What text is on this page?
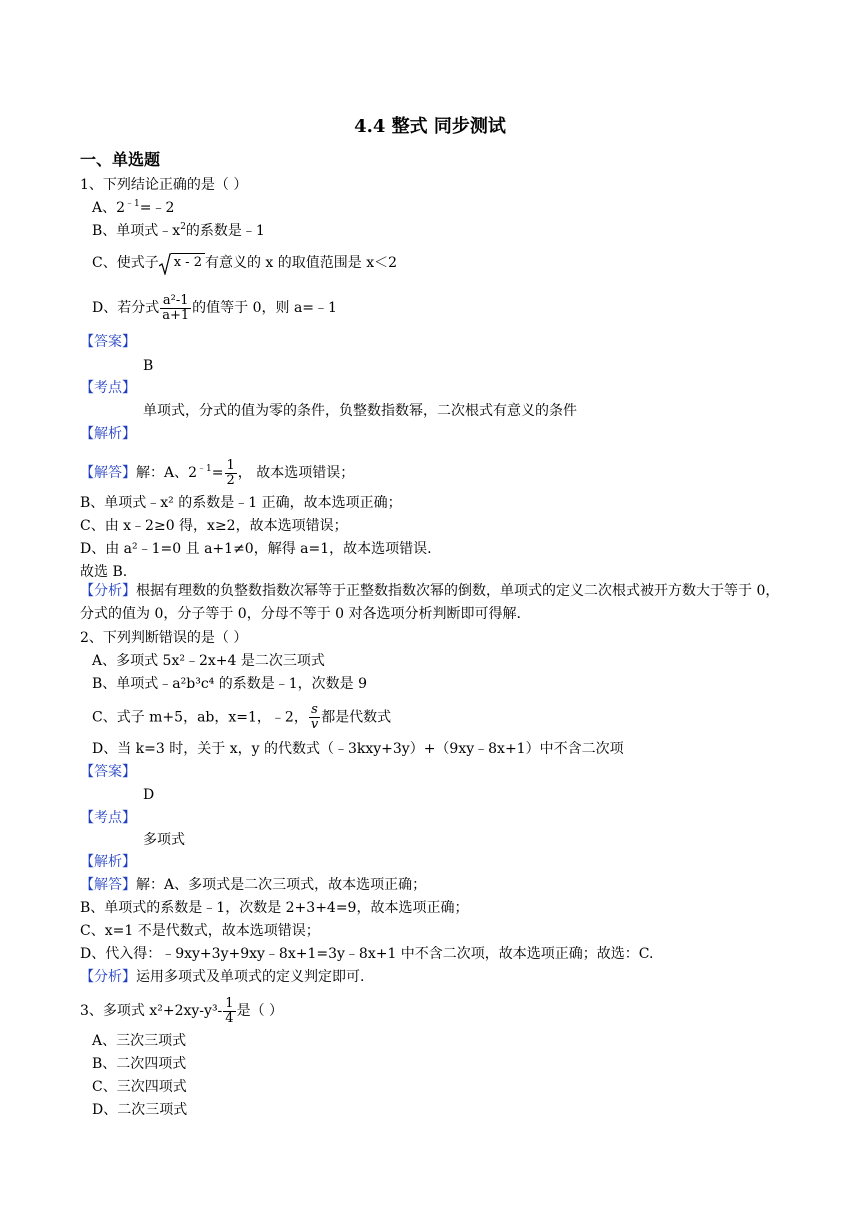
4.4 整式 同步测试
一、单选题
1、下列结论正确的是（ ）
A、$2^{﹣1}=﹣2$
B、单项式$﹣x^2$的系数是﹣1
C、使式子 x - 2 有意义的 x 的取值范围是 x＜2
D、若分式 $\frac{\text{a²-1}}{a+1}$ 的值等于 0，则 a=﹣1
【答案】
B
【考点】
单项式，分式的值为零的条件，负整数指数幂，二次根式有意义的条件
【解析】
【解答】解：A、$2^{﹣1}= \frac{1}{2}$ ， 故本选项错误；
B、单项式﹣x² 的系数是﹣1 正确，故本选项正确；
C、由 x﹣2≥0 得，x≥2，故本选项错误；
D、由 a²﹣1=0 且 a+1≠0，解得 a=1，故本选项错误.
故选 B.
【分析】根据有理数的负整数指数次幂等于正整数指数次幂的倒数，单项式的定义二次根式被开方数大于等于 0，分式的值为 0，分子等于 0，分母不等于 0 对各选项分析判断即可得解.
2、下列判断错误的是（ ）
A、多项式 5x²﹣2x+4 是二次三项式
B、单项式﹣a²b³c⁴ 的系数是﹣1，次数是 9
C、式子 m+5，ab，x=1，﹣2， $\frac{s}{v}$ 都是代数式
D、当 k=3 时，关于 x，y 的代数式（﹣3kxy+3y）+（9xy﹣8x+1）中不含二次项
【答案】
D
【考点】
多项式
【解析】
【解答】解：A、多项式是二次三项式，故本选项正确；
B、单项式的系数是﹣1，次数是 2+3+4=9，故本选项正确；
C、x=1 不是代数式，故本选项错误；
D、代入得：﹣9xy+3y+9xy﹣8x+1=3y﹣8x+1 中不含二次项，故本选项正确；故选：C.
【分析】运用多项式及单项式的定义判定即可.
3、多项式 $x^2+2xy-y^3- \frac{1}{4}$ 是（ ）
A、三次三项式
B、二次四项式
C、三次四项式
D、二次三项式
